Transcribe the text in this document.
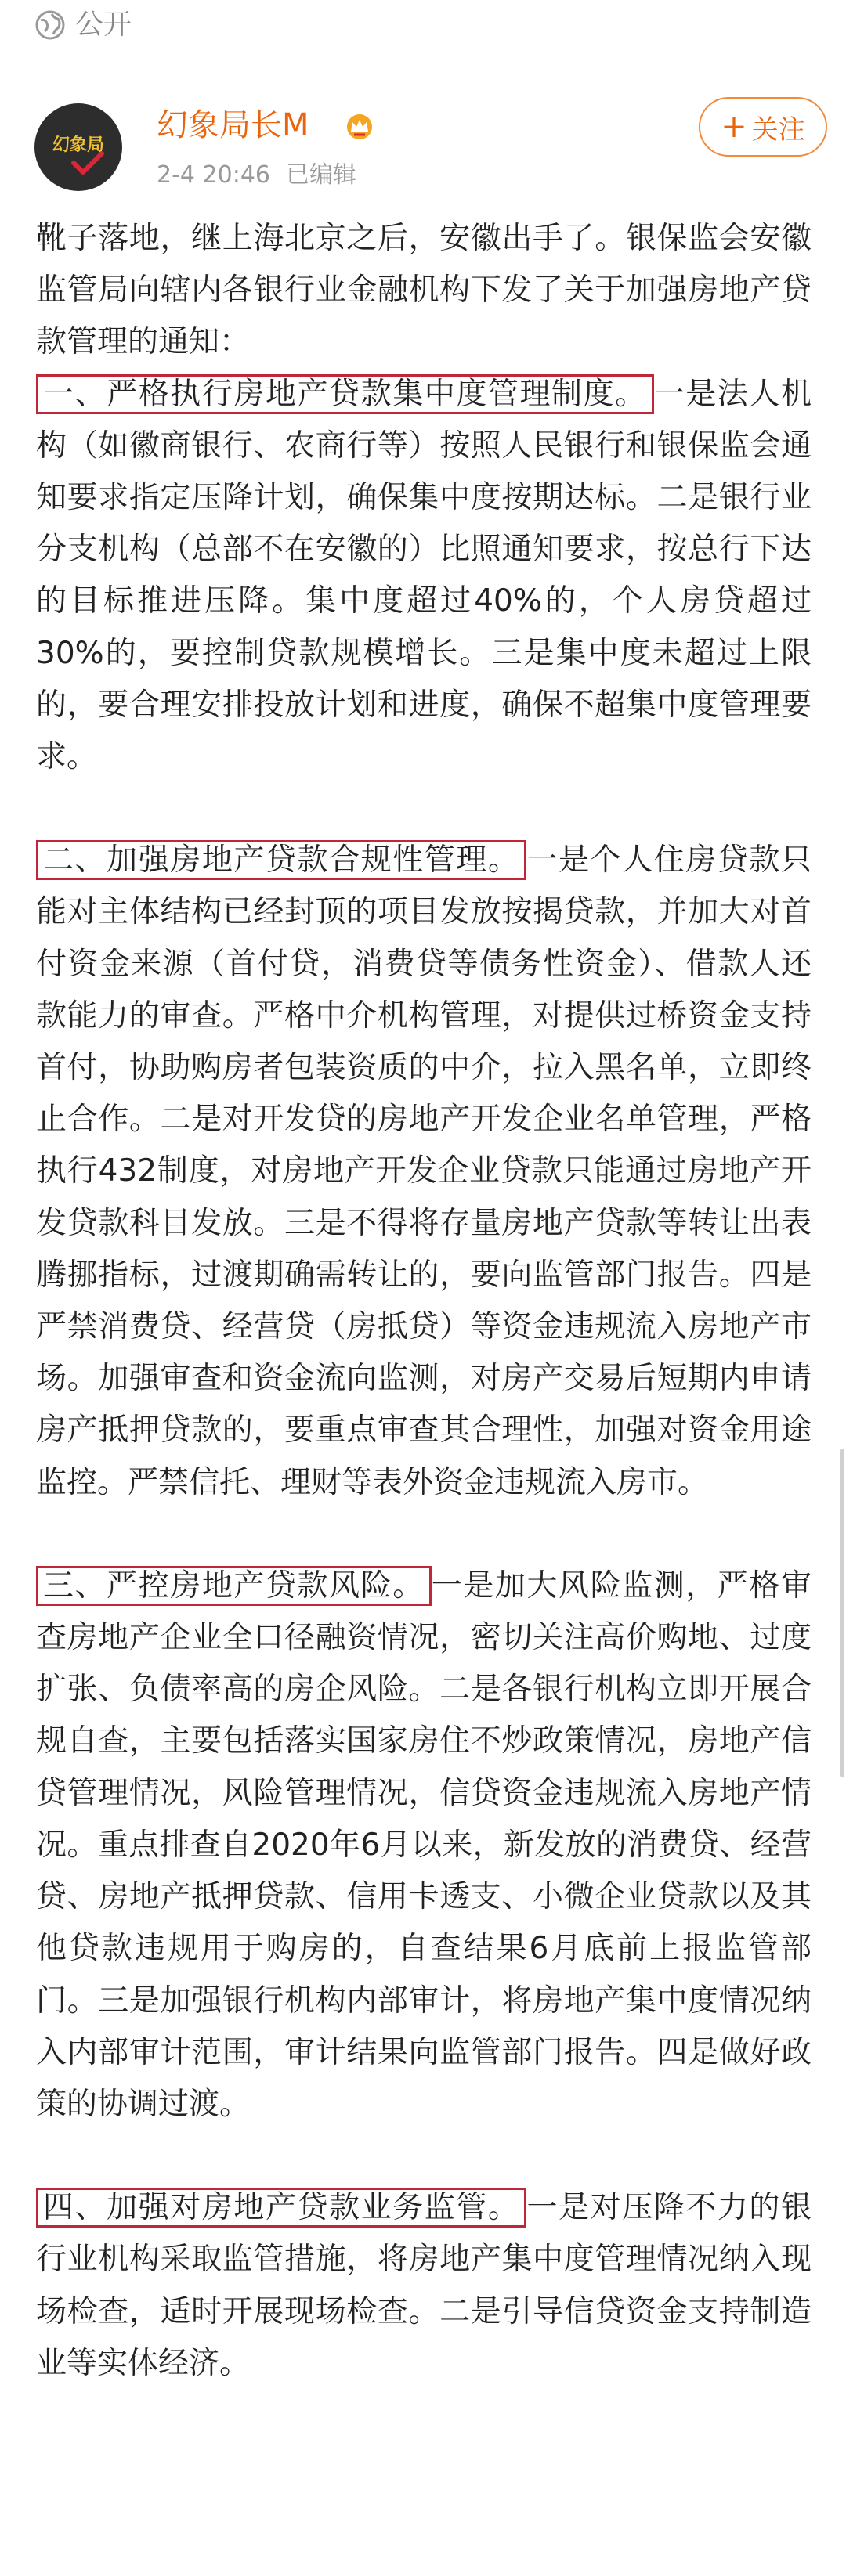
公开
幻象局
幻象局长M
2-4 20:46 已编辑
+ 关注

靴子落地，继上海北京之后，安徽出手了。银保监会安徽监管局向辖内各银行业金融机构下发了关于加强房地产贷款管理的通知：

一、严格执行房地产贷款集中度管理制度。 一是法人机构（如徽商银行、农商行等）按照人民银行和银保监会通知要求指定压降计划，确保集中度按期达标。二是银行业分支机构（总部不在安徽的）比照通知要求，按总行下达的目标推进压降。集中度超过40%的，个人房贷超过30%的，要控制贷款规模增长。三是集中度未超过上限的，要合理安排投放计划和进度，确保不超集中度管理要求。

二、加强房地产贷款合规性管理。 一是个人住房贷款只能对主体结构已经封顶的项目发放按揭贷款，并加大对首付资金来源（首付贷，消费贷等债务性资金）、借款人还款能力的审查。严格中介机构管理，对提供过桥资金支持首付，协助购房者包装资质的中介，拉入黑名单，立即终止合作。二是对开发贷的房地产开发企业名单管理，严格执行432制度，对房地产开发企业贷款只能通过房地产开发贷款科目发放。三是不得将存量房地产贷款等转让出表腾挪指标，过渡期确需转让的，要向监管部门报告。四是严禁消费贷、经营贷（房抵贷）等资金违规流入房地产市场。加强审查和资金流向监测，对房产交易后短期内申请房产抵押贷款的，要重点审查其合理性，加强对资金用途监控。严禁信托、理财等表外资金违规流入房市。

三、严控房地产贷款风险。 一是加大风险监测，严格审查房地产企业全口径融资情况，密切关注高价购地、过度扩张、负债率高的房企风险。二是各银行机构立即开展合规自查，主要包括落实国家房住不炒政策情况，房地产信贷管理情况，风险管理情况，信贷资金违规流入房地产情况。重点排查自2020年6月以来，新发放的消费贷、经营贷、房地产抵押贷款、信用卡透支、小微企业贷款以及其他贷款违规用于购房的，自查结果6月底前上报监管部门。三是加强银行机构内部审计，将房地产集中度情况纳入内部审计范围，审计结果向监管部门报告。四是做好政策的协调过渡。

四、加强对房地产贷款业务监管。 一是对压降不力的银行业机构采取监管措施，将房地产集中度管理情况纳入现场检查，适时开展现场检查。二是引导信贷资金支持制造业等实体经济。
